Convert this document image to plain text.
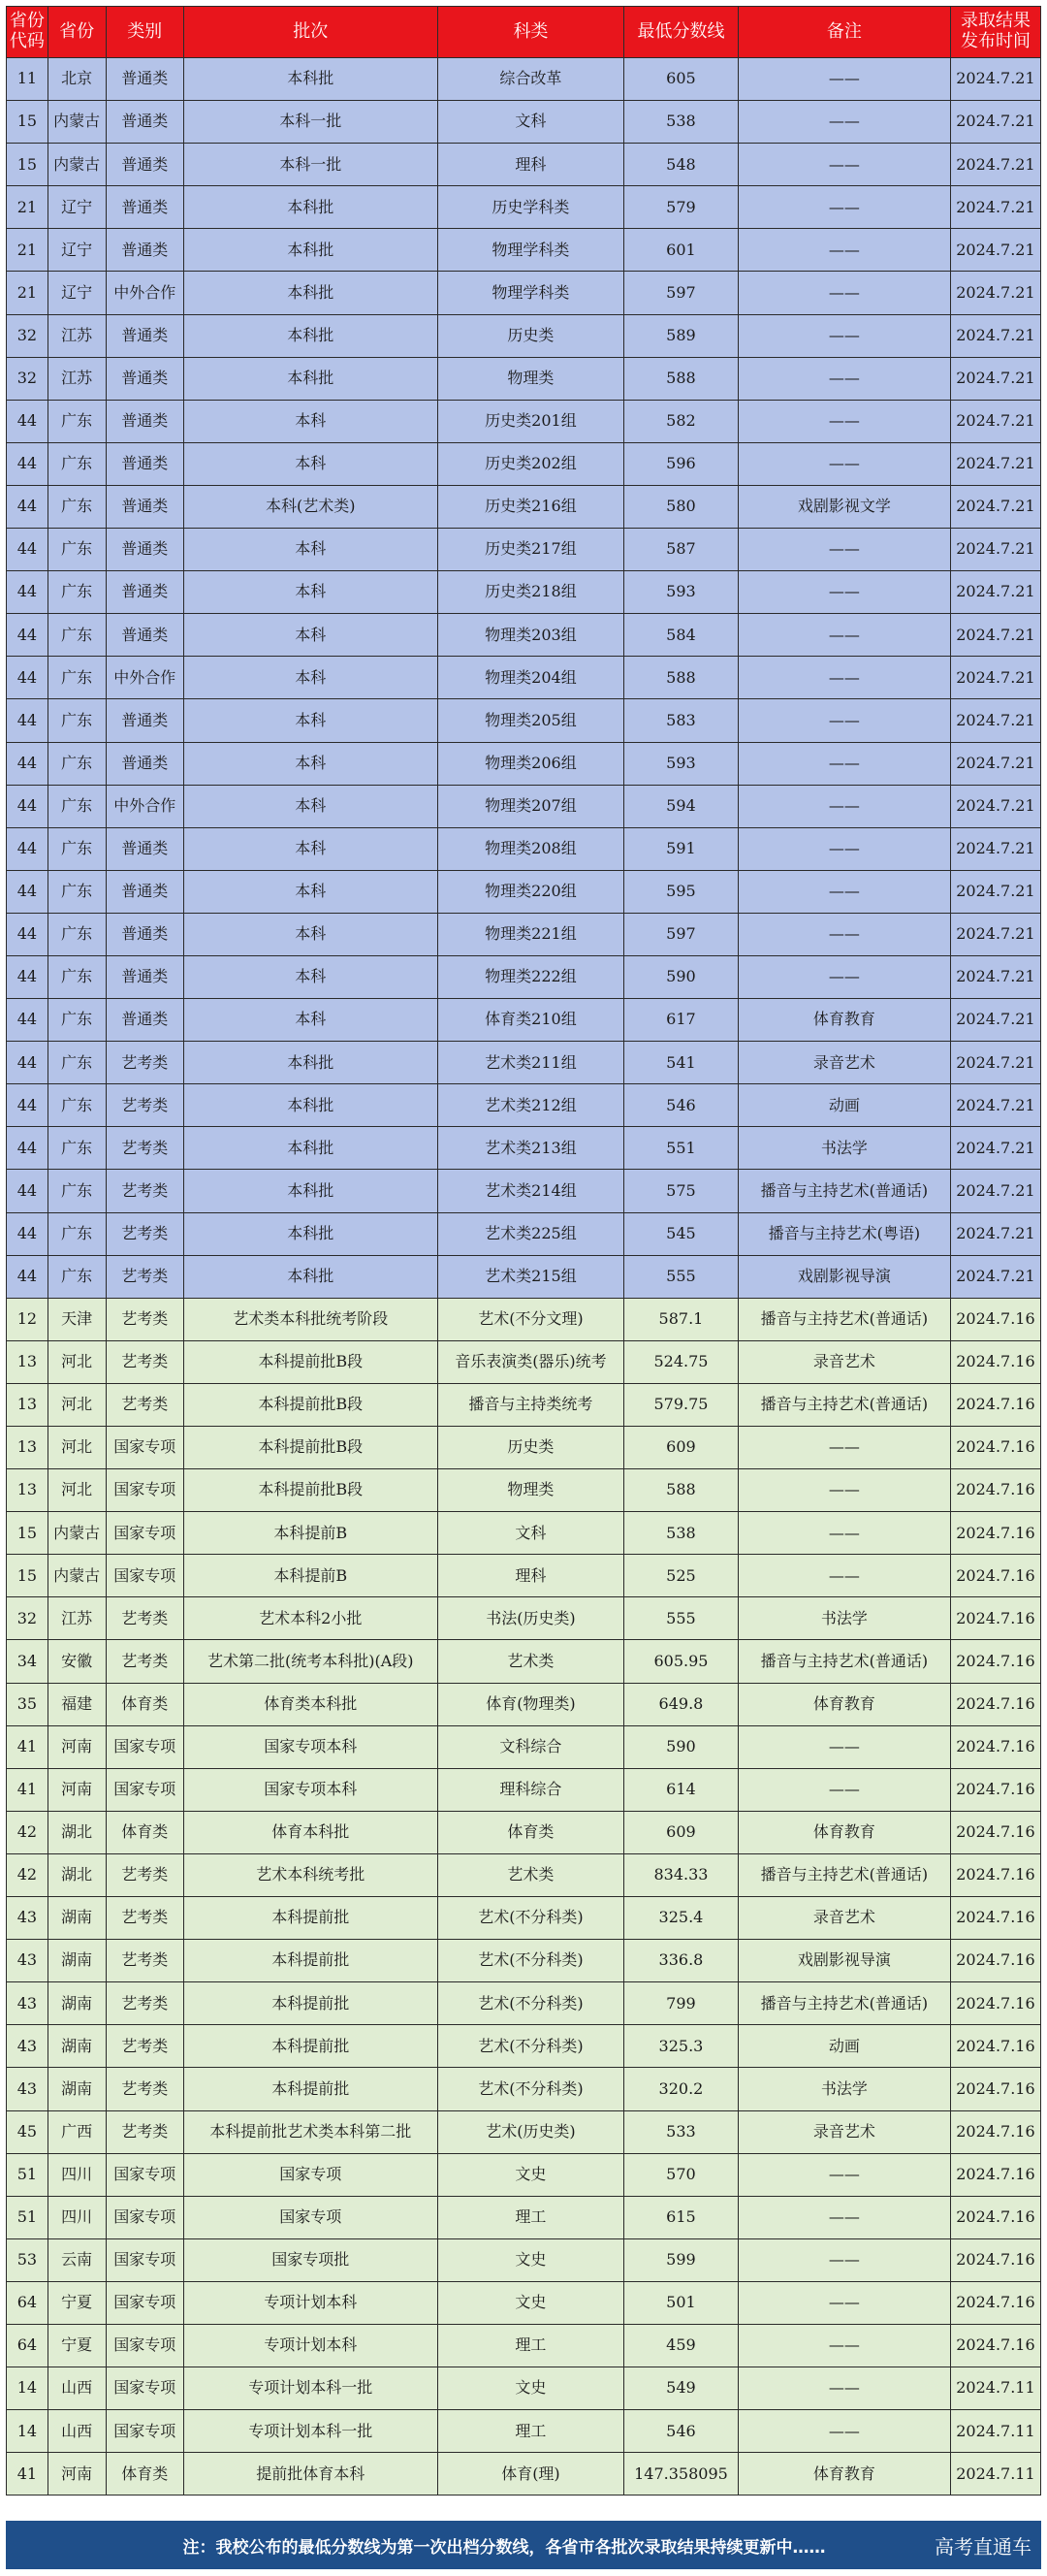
省份代码	省份	类别	批次	科类	最低分数线	备注	录取结果发布时间
11	北京	普通类	本科批	综合改革	605	——	2024.7.21
15	内蒙古	普通类	本科一批	文科	538	——	2024.7.21
15	内蒙古	普通类	本科一批	理科	548	——	2024.7.21
21	辽宁	普通类	本科批	历史学科类	579	——	2024.7.21
21	辽宁	普通类	本科批	物理学科类	601	——	2024.7.21
21	辽宁	中外合作	本科批	物理学科类	597	——	2024.7.21
32	江苏	普通类	本科批	历史类	589	——	2024.7.21
32	江苏	普通类	本科批	物理类	588	——	2024.7.21
44	广东	普通类	本科	历史类201组	582	——	2024.7.21
44	广东	普通类	本科	历史类202组	596	——	2024.7.21
44	广东	普通类	本科(艺术类)	历史类216组	580	戏剧影视文学	2024.7.21
44	广东	普通类	本科	历史类217组	587	——	2024.7.21
44	广东	普通类	本科	历史类218组	593	——	2024.7.21
44	广东	普通类	本科	物理类203组	584	——	2024.7.21
44	广东	中外合作	本科	物理类204组	588	——	2024.7.21
44	广东	普通类	本科	物理类205组	583	——	2024.7.21
44	广东	普通类	本科	物理类206组	593	——	2024.7.21
44	广东	中外合作	本科	物理类207组	594	——	2024.7.21
44	广东	普通类	本科	物理类208组	591	——	2024.7.21
44	广东	普通类	本科	物理类220组	595	——	2024.7.21
44	广东	普通类	本科	物理类221组	597	——	2024.7.21
44	广东	普通类	本科	物理类222组	590	——	2024.7.21
44	广东	普通类	本科	体育类210组	617	体育教育	2024.7.21
44	广东	艺考类	本科批	艺术类211组	541	录音艺术	2024.7.21
44	广东	艺考类	本科批	艺术类212组	546	动画	2024.7.21
44	广东	艺考类	本科批	艺术类213组	551	书法学	2024.7.21
44	广东	艺考类	本科批	艺术类214组	575	播音与主持艺术(普通话)	2024.7.21
44	广东	艺考类	本科批	艺术类225组	545	播音与主持艺术(粤语)	2024.7.21
44	广东	艺考类	本科批	艺术类215组	555	戏剧影视导演	2024.7.21
12	天津	艺考类	艺术类本科批统考阶段	艺术(不分文理)	587.1	播音与主持艺术(普通话)	2024.7.16
13	河北	艺考类	本科提前批B段	音乐表演类(器乐)统考	524.75	录音艺术	2024.7.16
13	河北	艺考类	本科提前批B段	播音与主持类统考	579.75	播音与主持艺术(普通话)	2024.7.16
13	河北	国家专项	本科提前批B段	历史类	609	——	2024.7.16
13	河北	国家专项	本科提前批B段	物理类	588	——	2024.7.16
15	内蒙古	国家专项	本科提前B	文科	538	——	2024.7.16
15	内蒙古	国家专项	本科提前B	理科	525	——	2024.7.16
32	江苏	艺考类	艺术本科2小批	书法(历史类)	555	书法学	2024.7.16
34	安徽	艺考类	艺术第二批(统考本科批)(A段)	艺术类	605.95	播音与主持艺术(普通话)	2024.7.16
35	福建	体育类	体育类本科批	体育(物理类)	649.8	体育教育	2024.7.16
41	河南	国家专项	国家专项本科	文科综合	590	——	2024.7.16
41	河南	国家专项	国家专项本科	理科综合	614	——	2024.7.16
42	湖北	体育类	体育本科批	体育类	609	体育教育	2024.7.16
42	湖北	艺考类	艺术本科统考批	艺术类	834.33	播音与主持艺术(普通话)	2024.7.16
43	湖南	艺考类	本科提前批	艺术(不分科类)	325.4	录音艺术	2024.7.16
43	湖南	艺考类	本科提前批	艺术(不分科类)	336.8	戏剧影视导演	2024.7.16
43	湖南	艺考类	本科提前批	艺术(不分科类)	799	播音与主持艺术(普通话)	2024.7.16
43	湖南	艺考类	本科提前批	艺术(不分科类)	325.3	动画	2024.7.16
43	湖南	艺考类	本科提前批	艺术(不分科类)	320.2	书法学	2024.7.16
45	广西	艺考类	本科提前批艺术类本科第二批	艺术(历史类)	533	录音艺术	2024.7.16
51	四川	国家专项	国家专项	文史	570	——	2024.7.16
51	四川	国家专项	国家专项	理工	615	——	2024.7.16
53	云南	国家专项	国家专项批	文史	599	——	2024.7.16
64	宁夏	国家专项	专项计划本科	文史	501	——	2024.7.16
64	宁夏	国家专项	专项计划本科	理工	459	——	2024.7.16
14	山西	国家专项	专项计划本科一批	文史	549	——	2024.7.11
14	山西	国家专项	专项计划本科一批	理工	546	——	2024.7.11
41	河南	体育类	提前批体育本科	体育(理)	147.358095	体育教育	2024.7.11
注：我校公布的最低分数线为第一次出档分数线，各省市各批次录取结果持续更新中……	高考直通车
